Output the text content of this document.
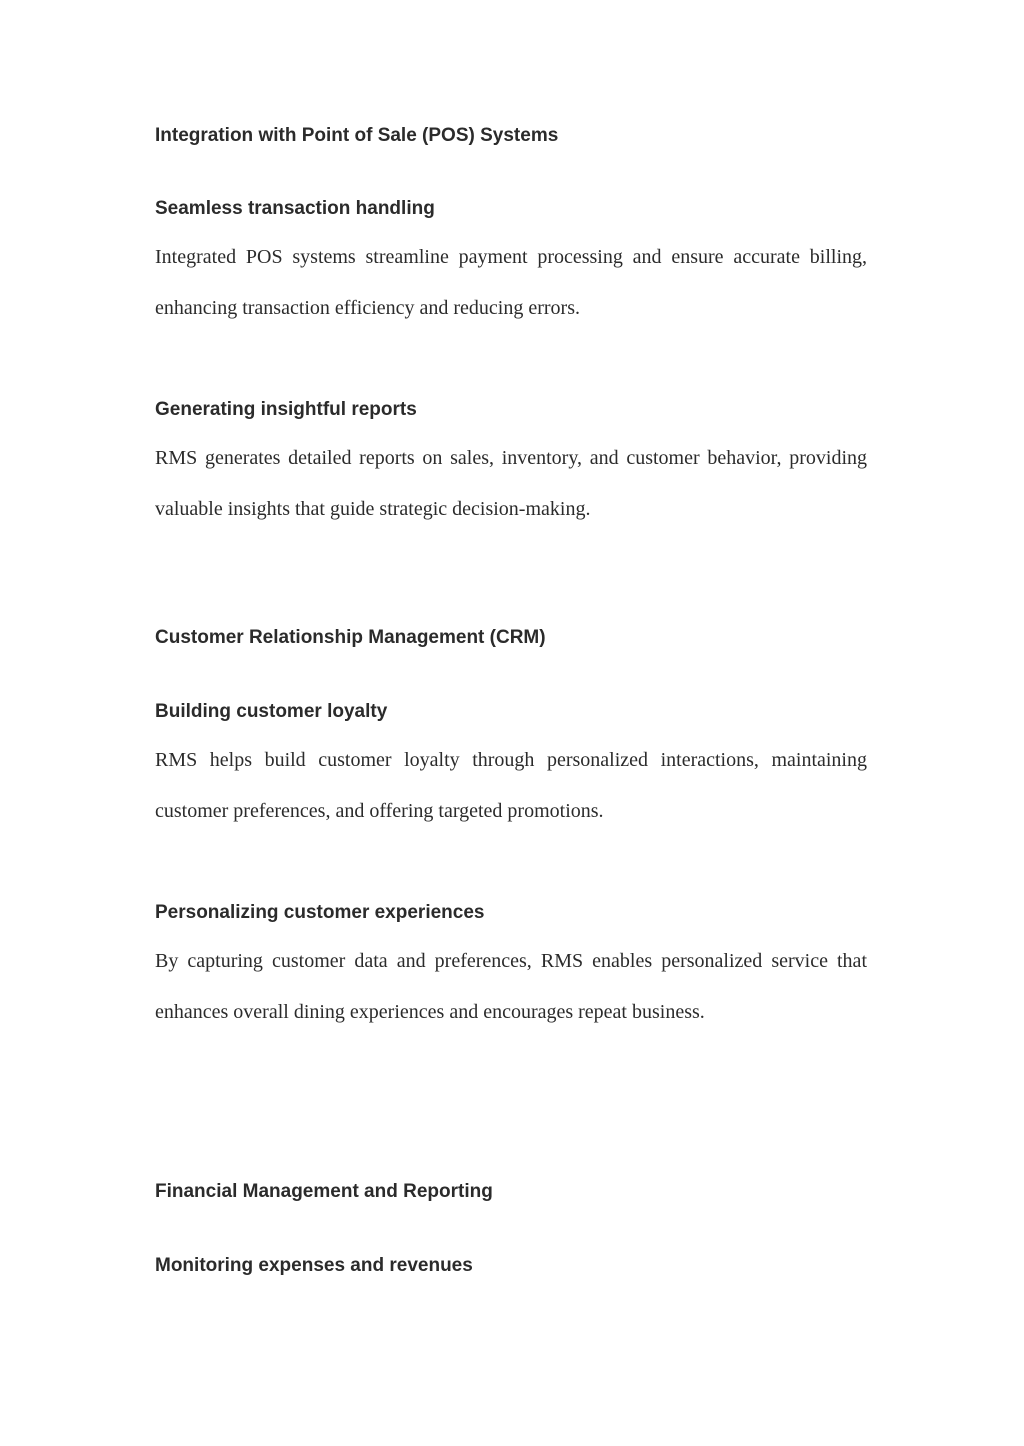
Integration with Point of Sale (POS) Systems
Seamless transaction handling

Integrated POS systems streamline payment processing and ensure accurate billing, enhancing transaction efficiency and reducing errors.

Generating insightful reports

RMS generates detailed reports on sales, inventory, and customer behavior, providing valuable insights that guide strategic decision-making.

Customer Relationship Management (CRM)
Building customer loyalty

RMS helps build customer loyalty through personalized interactions, maintaining customer preferences, and offering targeted promotions.

Personalizing customer experiences

By capturing customer data and preferences, RMS enables personalized service that enhances overall dining experiences and encourages repeat business.

Financial Management and Reporting
Monitoring expenses and revenues
